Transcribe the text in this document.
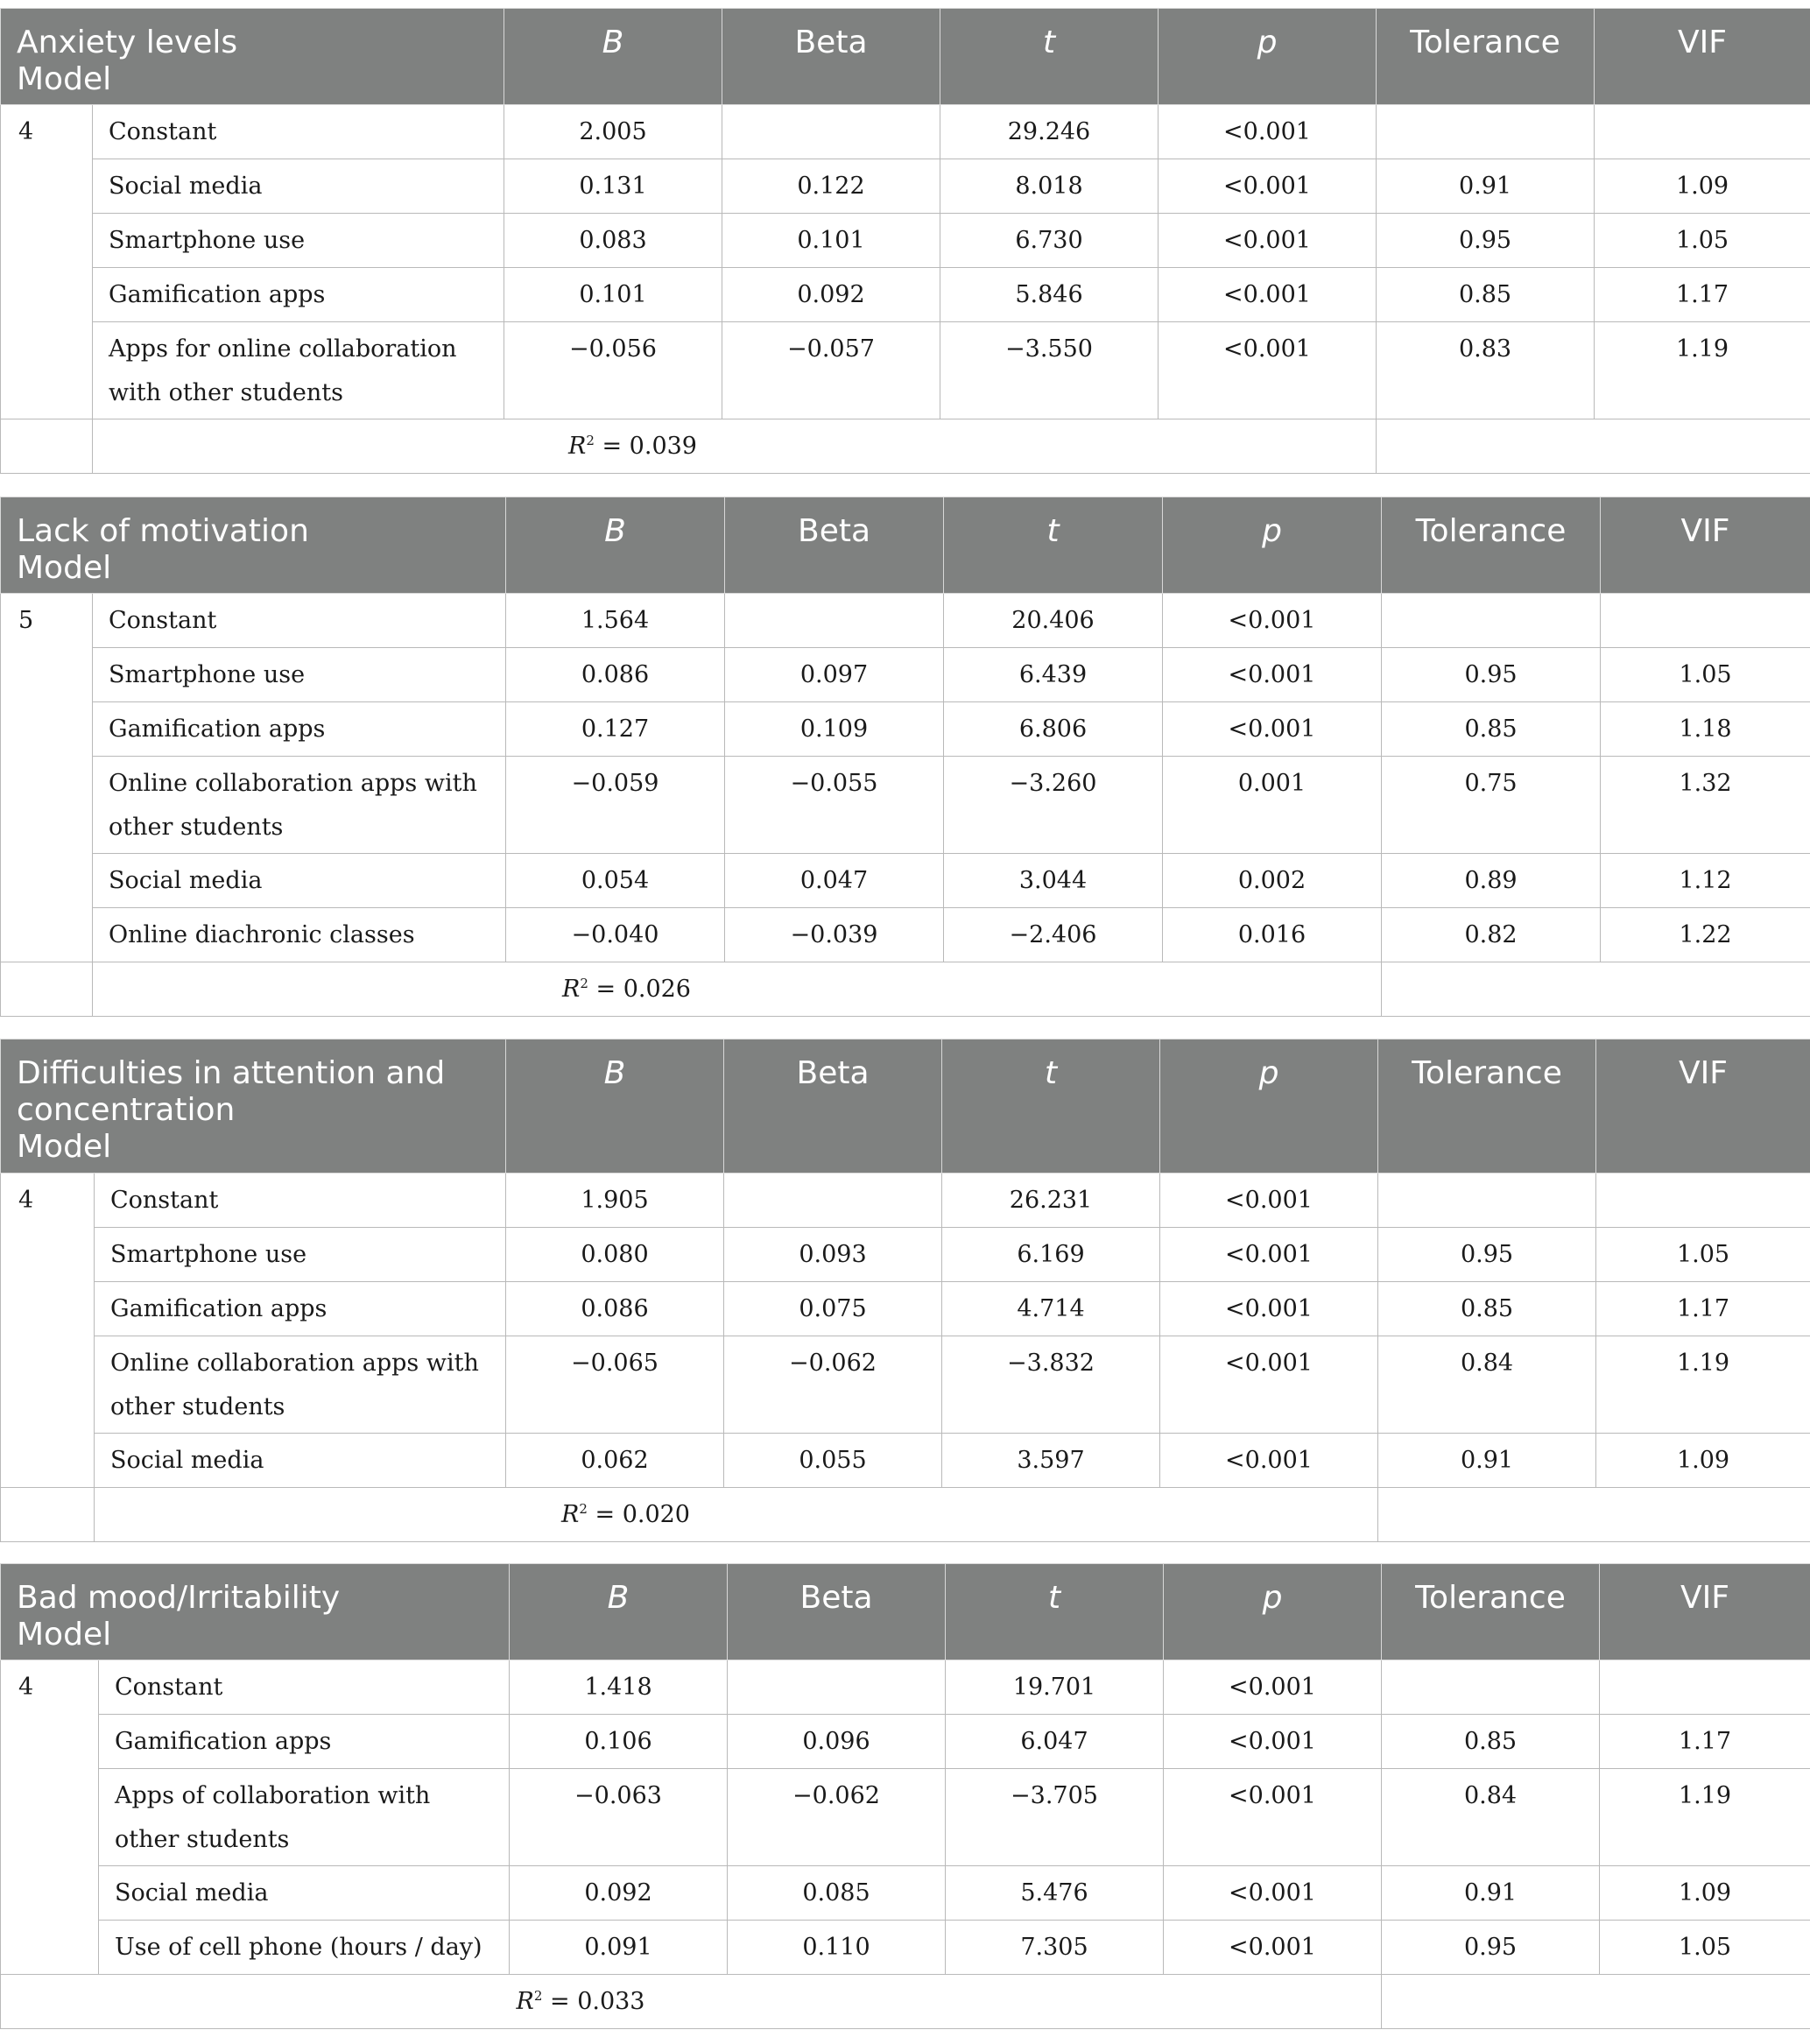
Anxiety levels
Model		B	Beta	t	p	Tolerance	VIF
4	Constant	2.005		29.246	<0.001		
	Social media	0.131	0.122	8.018	<0.001	0.91	1.09
	Smartphone use	0.083	0.101	6.730	<0.001	0.95	1.05
	Gamification apps	0.101	0.092	5.846	<0.001	0.85	1.17
	Apps for online collaboration with other students	−0.056	−0.057	−3.550	<0.001	0.83	1.19
	$R^2 = 0.039$						
Lack of motivation
Model		B	Beta	t	p	Tolerance	VIF
5	Constant	1.564		20.406	<0.001		
	Smartphone use	0.086	0.097	6.439	<0.001	0.95	1.05
	Gamification apps	0.127	0.109	6.806	<0.001	0.85	1.18
	Online collaboration apps with other students	−0.059	−0.055	−3.260	0.001	0.75	1.32
	Social media	0.054	0.047	3.044	0.002	0.89	1.12
	Online diachronic classes	−0.040	−0.039	−2.406	0.016	0.82	1.22
	$R^2 = 0.026$						
Difficulties in attention and
concentration
Model		B	Beta	t	p	Tolerance	VIF
4	Constant	1.905		26.231	<0.001		
	Smartphone use	0.080	0.093	6.169	<0.001	0.95	1.05
	Gamification apps	0.086	0.075	4.714	<0.001	0.85	1.17
	Online collaboration apps with other students	−0.065	−0.062	−3.832	<0.001	0.84	1.19
	Social media	0.062	0.055	3.597	<0.001	0.91	1.09
	$R^2 = 0.020$						
Bad mood/Irritability
Model		B	Beta	t	p	Tolerance	VIF
4	Constant	1.418		19.701	<0.001		
	Gamification apps	0.106	0.096	6.047	<0.001	0.85	1.17
	Apps of collaboration with other students	−0.063	−0.062	−3.705	<0.001	0.84	1.19
	Social media	0.092	0.085	5.476	<0.001	0.91	1.09
	Use of cell phone (hours / day)	0.091	0.110	7.305	<0.001	0.95	1.05
$R^2 = 0.033$							
